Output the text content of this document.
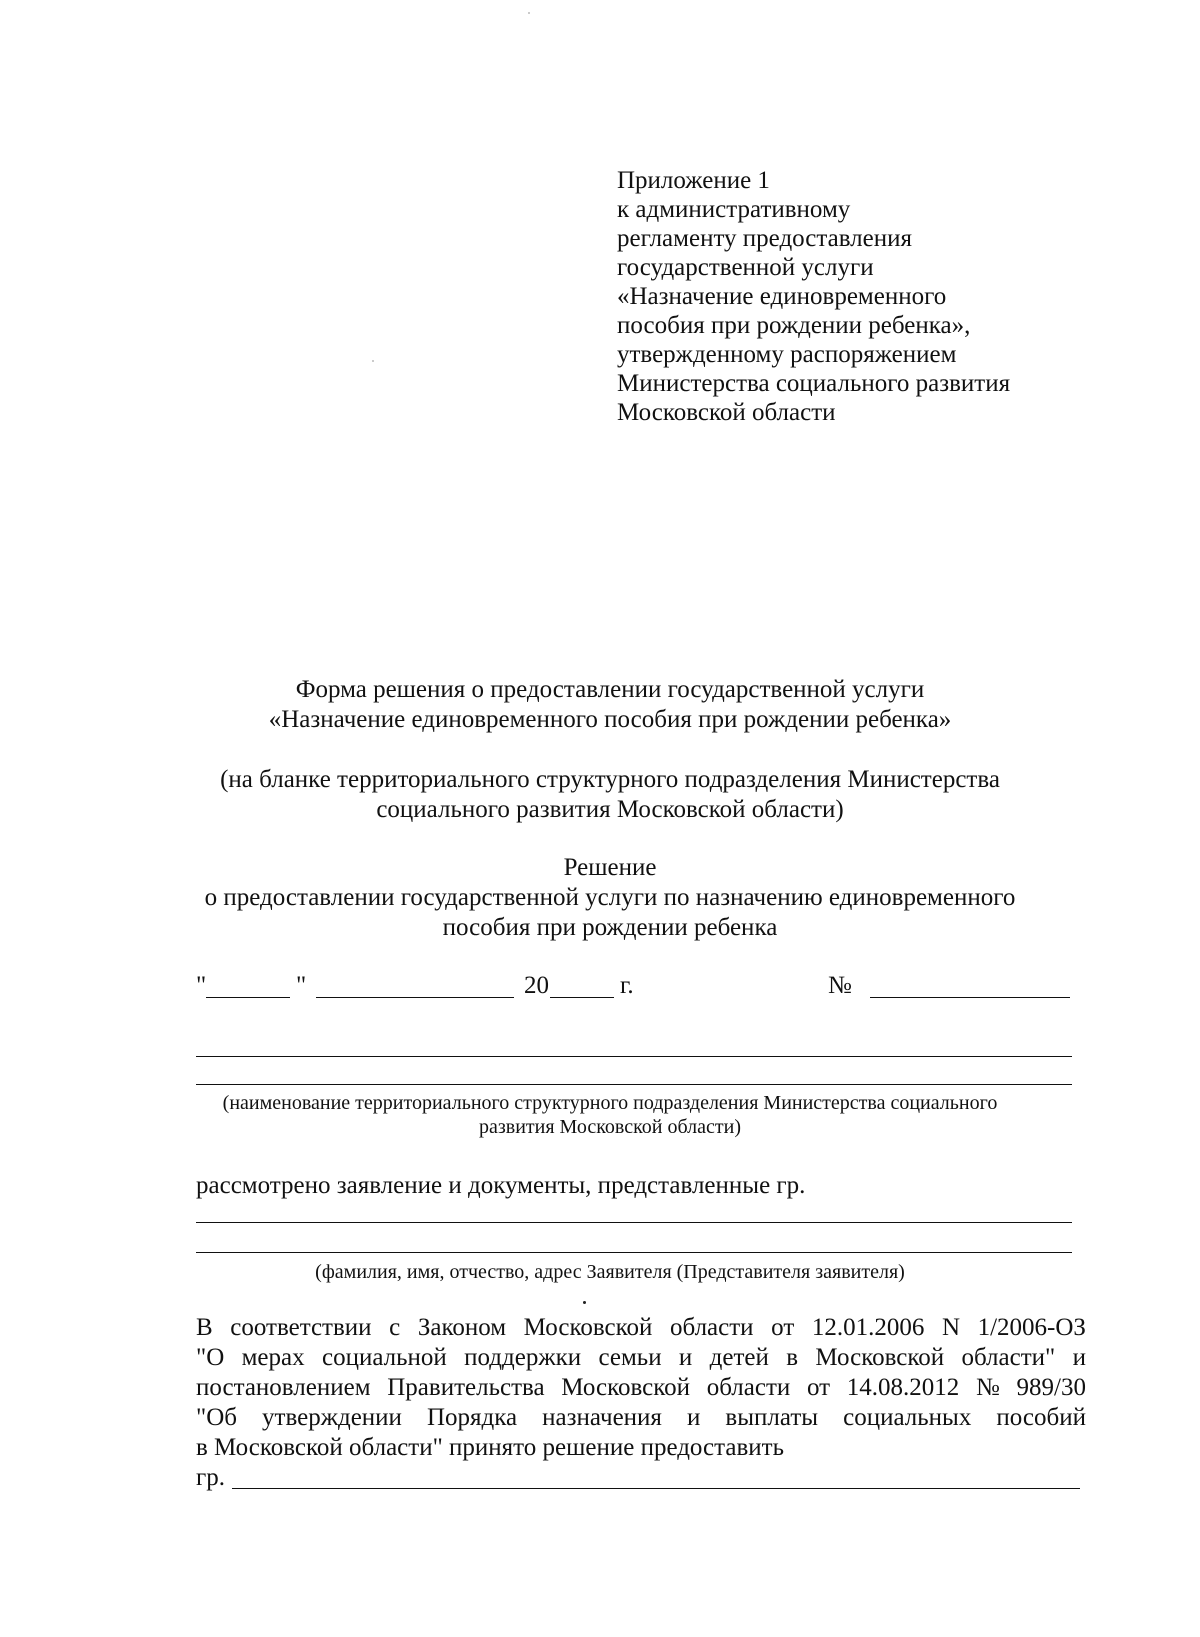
Приложение 1
к административному
регламенту предоставления
государственной услуги
«Назначение единовременного
пособия при рождении ребенка»,
утвержденному распоряжением
Министерства социального развития
Московской области
Форма решения о предоставлении государственной услуги
«Назначение единовременного пособия при рождении ребенка»
(на бланке территориального структурного подразделения Министерства
социального развития Московской области)
Решение
о предоставлении государственной услуги по назначению единовременного
пособия при рождении ребенка
"	"	20	г.	№
(наименование территориального структурного подразделения Министерства социального
развития Московской области)
рассмотрено заявление и документы, представленные гр.
(фамилия, имя, отчество, адрес Заявителя (Представителя заявителя)
В соответствии с Законом Московской области от 12.01.2006 N 1/2006-ОЗ
"О мерах социальной поддержки семьи и детей в Московской области" и
постановлением Правительства Московской области от 14.08.2012 № 989/30
"Об утверждении Порядка назначения и выплаты социальных пособий
в Московской области" принято решение предоставить
гр.
